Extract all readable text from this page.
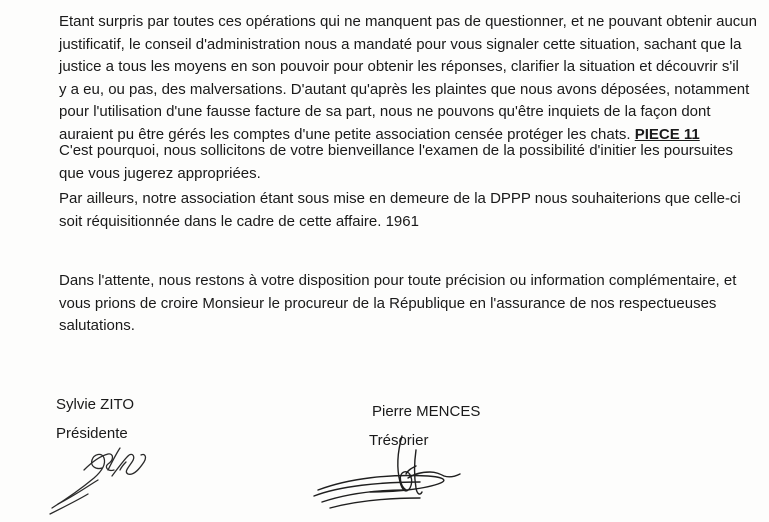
Etant surpris par toutes ces opérations qui ne manquent pas de questionner, et ne pouvant obtenir aucun
justificatif, le conseil d'administration nous a mandaté pour vous signaler cette situation, sachant que la
justice a tous les moyens en son pouvoir pour obtenir les réponses, clarifier la situation et découvrir s'il
y a eu, ou pas, des malversations. D'autant qu'après les plaintes que nous avons déposées, notamment
pour l'utilisation d'une fausse facture de sa part, nous ne pouvons qu'être inquiets de la façon dont
auraient pu être gérés les comptes d'une petite association censée protéger les chats. PIECE 11

C'est pourquoi, nous sollicitons de votre bienveillance l'examen de la possibilité d'initier les poursuites
que vous jugerez appropriées.

Par ailleurs, notre association étant sous mise en demeure de la DPPP nous souhaiterions que celle-ci
soit réquisitionnée dans le cadre de cette affaire. 1961

Dans l'attente, nous restons à votre disposition pour toute précision ou information complémentaire, et
vous prions de croire Monsieur le procureur de la République en l'assurance de nos respectueuses
salutations.

Sylvie ZITO

Présidente

Pierre MENCES

Trésorier
